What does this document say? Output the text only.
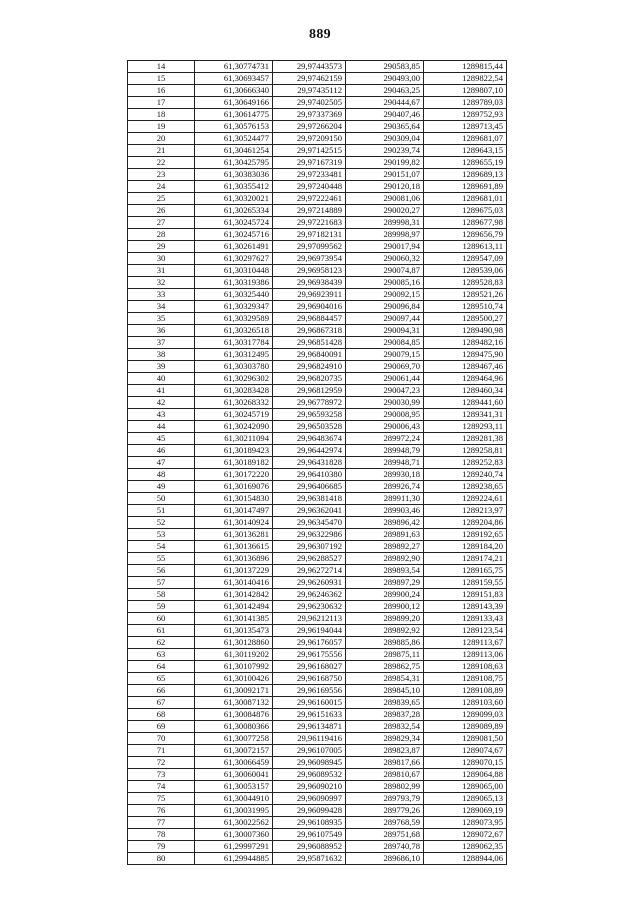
889
14	61,30774731	29,97443573	290583,85	1289815,44
15	61,30693457	29,97462159	290493,00	1289822,54
16	61,30666340	29,97435112	290463,25	1289807,10
17	61,30649166	29,97402505	290444,67	1289789,03
18	61,30614775	29,97337369	290407,46	1289752,93
19	61,30576153	29,97266204	290365,64	1289713,45
20	61,30524477	29,97209150	290309,04	1289681,07
21	61,30461254	29,97142515	290239,74	1289643,15
22	61,30425795	29,97167319	290199,82	1289655,19
23	61,30383036	29,97233481	290151,07	1289689,13
24	61,30355412	29,97240448	290120,18	1289691,89
25	61,30320021	29,97222461	290081,06	1289681,01
26	61,30265334	29,97214889	290020,27	1289675,03
27	61,30245724	29,97221683	289998,31	1289677,98
28	61,30245716	29,97182131	289998,97	1289656,79
29	61,30261491	29,97099562	290017,94	1289613,11
30	61,30297627	29,96973954	290060,32	1289547,09
31	61,30310448	29,96958123	290074,87	1289539,06
32	61,30319386	29,96938439	290085,16	1289528,83
33	61,30325440	29,96923911	290092,15	1289521,26
34	61,30329347	29,96904016	290096,84	1289510,74
35	61,30329589	29,96884457	290097,44	1289500,27
36	61,30326518	29,96867318	290094,31	1289490,98
37	61,30317784	29,96851428	290084,85	1289482,16
38	61,30312495	29,96840091	290079,15	1289475,90
39	61,30303780	29,96824910	290069,70	1289467,46
40	61,30296302	29,96820735	290061,44	1289464,96
41	61,30283428	29,96812959	290047,23	1289460,34
42	61,30268332	29,96778972	290030,99	1289441,60
43	61,30245719	29,96593258	290008,95	1289341,31
44	61,30242090	29,96503528	290006,43	1289293,11
45	61,30211094	29,96483674	289972,24	1289281,38
46	61,30189423	29,96442974	289948,79	1289258,81
47	61,30189182	29,96431828	289948,71	1289252,83
48	61,30172220	29,96410380	289930,18	1289240,74
49	61,30169076	29,96406685	289926,74	1289238,65
50	61,30154830	29,96381418	289911,30	1289224,61
51	61,30147497	29,96362041	289903,46	1289213,97
52	61,30140924	29,96345470	289896,42	1289204,86
53	61,30136281	29,96322986	289891,63	1289192,65
54	61,30136615	29,96307192	289892,27	1289184,20
55	61,30136896	29,96288527	289892,90	1289174,21
56	61,30137229	29,96272714	289893,54	1289165,75
57	61,30140416	29,96260931	289897,29	1289159,55
58	61,30142842	29,96246362	289900,24	1289151,83
59	61,30142494	29,96230632	289900,12	1289143,39
60	61,30141385	29,96212113	289899,20	1289133,43
61	61,30135473	29,96194044	289892,92	1289123,54
62	61,30128860	29,96176057	289885,86	1289113,67
63	61,30119202	29,96175556	289875,11	1289113,06
64	61,30107992	29,96168027	289862,75	1289108,63
65	61,30100426	29,96168750	289854,31	1289108,75
66	61,30092171	29,96169556	289845,10	1289108,89
67	61,30087132	29,96160015	289839,65	1289103,60
68	61,30084876	29,96151633	289837,28	1289099,03
69	61,30080366	29,96134871	289832,54	1289089,89
70	61,30077258	29,96119416	289829,34	1289081,50
71	61,30072157	29,96107005	289823,87	1289074,67
72	61,30066459	29,96098945	289817,66	1289070,15
73	61,30060041	29,96089532	289810,67	1289064,88
74	61,30053157	29,96090210	289802,99	1289065,00
75	61,30044910	29,96090997	289793,79	1289065,13
76	61,30031995	29,96099428	289779,26	1289069,19
77	61,30022562	29,96108935	289768,59	1289073,95
78	61,30007360	29,96107549	289751,68	1289072,67
79	61,29997291	29,96088952	289740,78	1289062,35
80	61,29944885	29,95871632	289686,10	1288944,06
